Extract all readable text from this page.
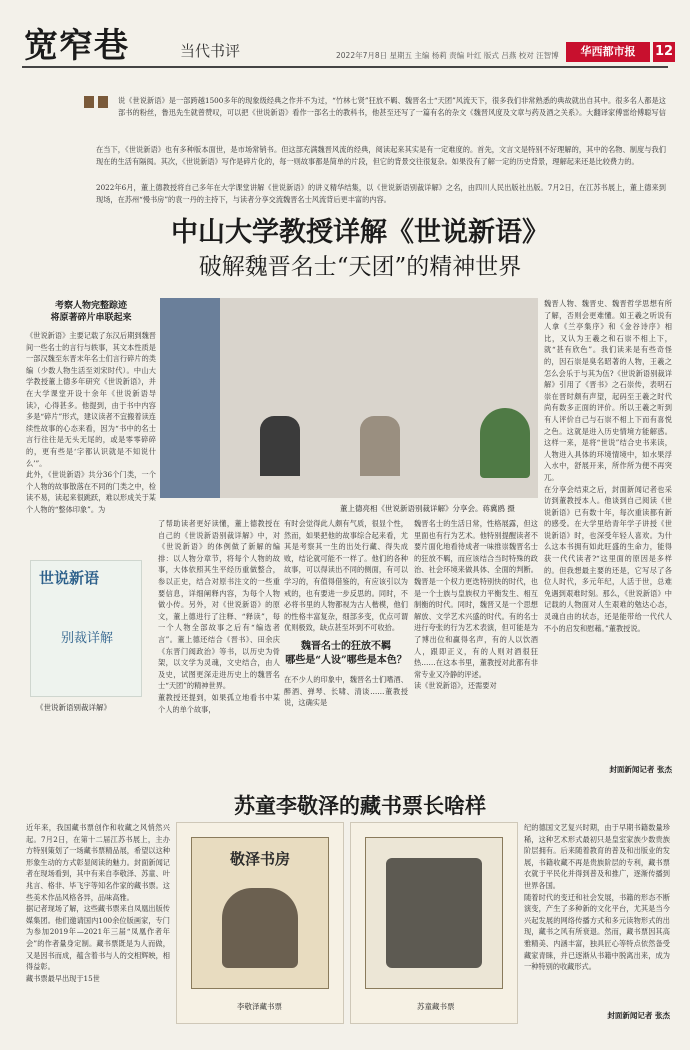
宽窄巷	当代书评	2022年7月8日 星期五 主编 杨莉 责编 叶红 版式 吕燕 校对 汪智博	华西都市报	12
说《世说新语》是一部跨越1500多年的现象级经典之作并不为过，“竹林七贤”狂放不羁、魏晋名士“天团”风流天下，很多我们非常熟悉的典故就出自其中。很多名人都是这部书的粉丝，鲁迅先生就曾赞叹，可以把《世说新语》看作一部名士的教科书，他甚至还写了一篇有名的杂文《魏晋风度及文章与药及酒之关系》。大翻译家傅雷给傅聪写信
在当下，《世说新语》也有多种版本面世，是市场常销书。但这部充满魏晋风流的经典，阅读起来其实是有一定难度的。首先，文言文是特别不好理解的，其中的名物、制度与我们现在的生活有隔阂。其次，《世说新语》写作是碎片化的，每一则故事都是简单的片段，但它的背景交往很复杂。如果没有了解一定的历史背景，理解起来还是比较费力的。
2022年6月，董上德教授将自己多年在大学课堂讲解《世说新语》的讲义精华结集，以《世说新语别裁详解》之名，由四川人民出版社出版。7月2日，在江苏书展上，董上德来到现场，在苏州“慢书房”的袁一丹的主持下，与读者分享交流魏晋名士风流背后更丰富的内容。
中山大学教授详解《世说新语》
破解魏晋名士“天团”的精神世界
考察人物完整踪迹
将原著碎片串联起来
《世说新语》主要记载了东汉后期到魏晋间一些名士的言行与轶事，其文本性质是一部汉魏至东晋末年名士们言行碎片的类编（少数人物生活至刘宋时代）。中山大学教授董上德多年研究《世说新语》，并在大学课堂开设十余年《世说新语导读》，心得甚多。他提到，由于书中内容多是“碎片”形式，建议读者不宜搬着读连续性故事的心态来看，因为“书中的名士言行往往是无头无尾的，或是零零碎碎的，更有些是‘字都认识就是不知说什么’”。
此外，《世说新语》共分36个门类，一个个人物的故事散落在不同的门类之中，检读不易，读起来很跳跃，难以形成关于某个人物的“整体印象”。为	董上德亮相《世说新语别裁详解》分享会。蒋冀鸥 摄
世说新语
别裁详解
《世说新语别裁详解》
了帮助读者更好读懂，董上德教授在自己的《世说新语别裁详解》中，对《世说新语》的体例做了新解的编排：以人物分章节，将每个人物的故事，大体依照其生平经历重做整合，参以正史，结合对原书注文的一些重要信息，详细阐释内容，为每个人物做小传。另外，对《世说新语》的原文，董上德进行了注释、“释读”，每一个人物全部故事之后有“编选者言”。董上德还结合《晋书》、田余庆《东晋门阀政治》等书，以历史为骨架，以文学为灵魂，文史结合，由人及史，试图更深走进历史上的魏晋名士“天团”的精神世界。
董教授还提到，如果孤立地看书中某个人的单个故事，
有时会觉得此人颇有气质，很显个性，然而，如果把他的故事综合起来看，尤其是考察其一生的出处行藏、得失成败，结论就可能不一样了。他们的各种故事，可以得读出不同的侧面，有可以学习的，有值得借鉴的，有应该引以为戒的，也有要进一步反思的。同时，不必将书里的人物都视为古人楷模，他们的性格丰富复杂，细部多变，优点可谓优则极致，缺点甚至坏到不可收拾。
魏晋名士的狂放不羁
哪些是“人设”哪些是本色？
在不少人的印象中，魏晋名士们嗜酒、醉酒、弹琴、长啸、清谈……董教授说，这确实是
魏晋名士的生活日常，性格展露，但这里面也有行为艺术。他特别提醒读者不要片面化地看待成者一味推崇魏晋名士的狂放不羁，而应该结合当时特殊的政治、社会环境来做具体、全面的判断。魏晋是一个权力更迭特别快的时代，也是一个士族与皇族权力平衡发生、相互制衡的时代。同时，魏晋又是一个思想解放、文学艺术兴盛的时代。有的名士进行夸张的行为艺术表演，但可能是为了博出位和赢得名声，有的人以饮酒人，跟即正义，有的人则对酒很狂热……在这本书里，董教授对此都有非常专业又冷静的评述。
读《世说新语》，还需要对
魏晋人物、魏晋史、魏晋哲学思想有所了解，否则会更难懂。如王羲之听说有人拿《兰亭集序》和《金谷诗序》相比，又认为王羲之和石崇不相上下，就“甚有欣色”。我们读来是有些奇怪的，因石崇是臭名昭著的人物，王羲之怎么会乐于与其为伍?《世说新语别裁详解》引用了《晋书》之石崇传，表明石崇在晋时颇有声望，起码至王羲之时代尚有数多正面的评价。所以王羲之听到有人评价自己与石崇不相上下而有喜悦之色。这就是进入历史情境方能解惑。这样一来，是将“世说”结合史书来读，人物进入具体的环境情境中，如水果浮入水中，舒展开来，所作所为便不再突兀。
在分享会结束之后，封面新闻记者也采访到董教授本人。他谈到自己阅读《世说新语》已有数十年，每次重读都有新的感受。在大学里给青年学子讲授《世说新语》时，也深受年轻人喜欢。为什么这本书拥有如此旺盛的生命力，能得获一代代读者?“这里面的原因是多样的。但我想最主要的还是，它写尽了各位人时代，多元年纪，人活于世，总难免遇到艰难时刻。那么，《世说新语》中记载的人物面对人生艰难的勉达心态，灵魂自由的状态，还是能带给一代代人不小的启发和慰藉。”董教授说。
封面新闻记者 张杰
苏童李敬泽的藏书票长啥样
近年来，我国藏书票创作和收藏之风悄然兴起。7月2日，在第十二届江苏书展上，主办方特别策划了一场藏书票精品展，希望以这种形象生动的方式彰显阅读的魅力。封面新闻记者在现场看到，其中有来自李敬泽、苏童、叶兆言、格非、毕飞宇等知名作家的藏书票。这些美术作品风格各异，品味高雅。
据记者现场了解，这些藏书票来自凤凰出版传媒集团。他们邀请国内100余位版画家，专门为参加2019年—2021年三届“凤凰作者年会”的作者量身定制。藏书票既是为人而做，又是因书而成，蕴含着书与人的交相辉映，相得益彰。
藏书票最早出现于15世
敬泽书房
李敬泽藏书票	苏童藏书票
纪的德国文艺复兴时期，由于早期书籍数量珍稀，这种艺术形式最初只是皇室家族少数贵族阶层拥有。后来随着教育的普及和出版业的发展，书籍收藏不再是贵族阶层的专利，藏书票衣就于平民化并得到普及和推广，逐渐传播到世界各国。
随着时代的变迁和社会发展，书籍的形态不断演变，产生了多种新的文化平台，尤其是当今兴起发展的网络传播方式和多元读物形式的出现，藏书之风有所衰退。然而，藏书票因其高雅精美、内涵丰富，独具匠心等特点依然备受藏家青睐，并已逐渐从书籍中脱离出来，成为一种特别的收藏形式。
封面新闻记者 张杰
